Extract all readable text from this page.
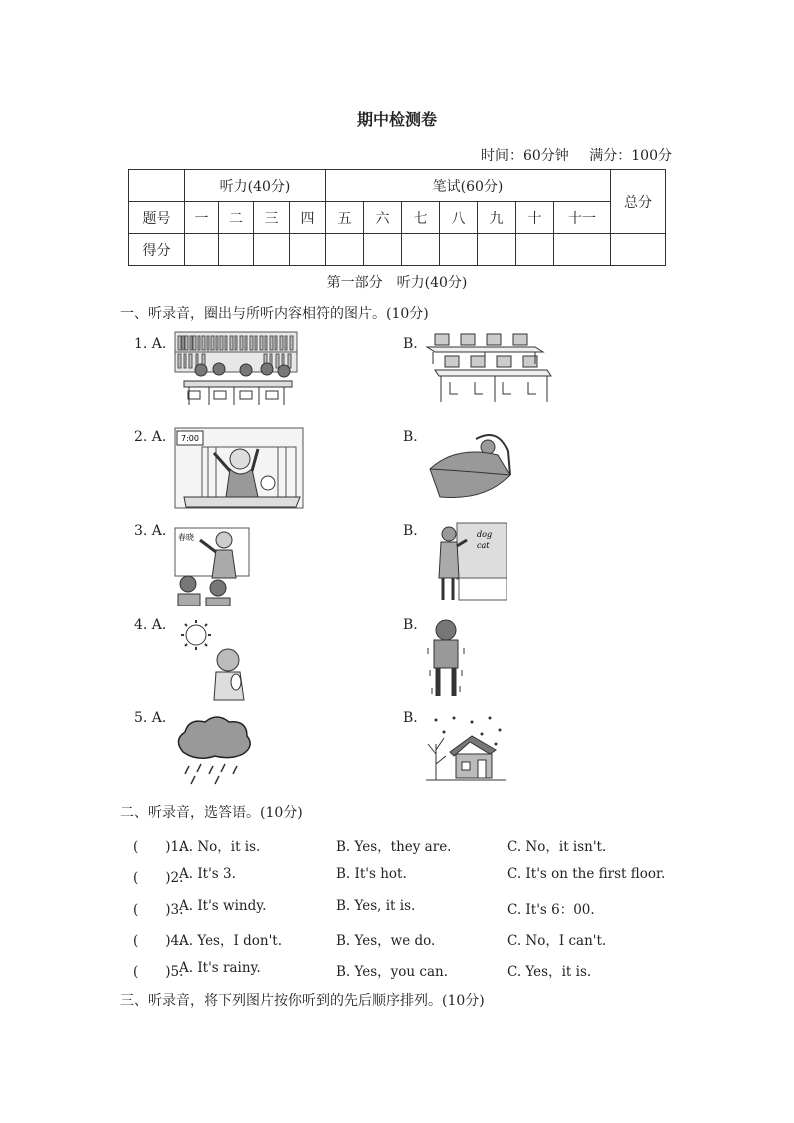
期中检测卷
时间：60分钟 满分：100分
	听力(40分)				笔试(60分)							总分
题号	一	二	三	四	五	六	七	八	九	十	十一	
得分												
第一部分　听力(40分)
一、听录音，圈出与所听内容相符的图片。(10分)
1. A.	B.
2. A.	B.
3. A.	B.
4. A.	B.
5. A.	B.
7:00
春晓	dog
cat
二、听录音，选答语。(10分)
(　　)1.
A. No，it is.	B. Yes，they are.	C. No，it isn't.
(　　)2.
A. It's 3.	B. It's hot.	C. It's on the first floor.
(　　)3.
A. It's windy.	B. Yes, it is.	C. It's 6：00.
(　　)4.
A. Yes，I don't.	B. Yes，we do.	C. No，I can't.
(　　)5.
A. It's rainy.	B. Yes，you can.	C. Yes，it is.
三、听录音，将下列图片按你听到的先后顺序排列。(10分)
